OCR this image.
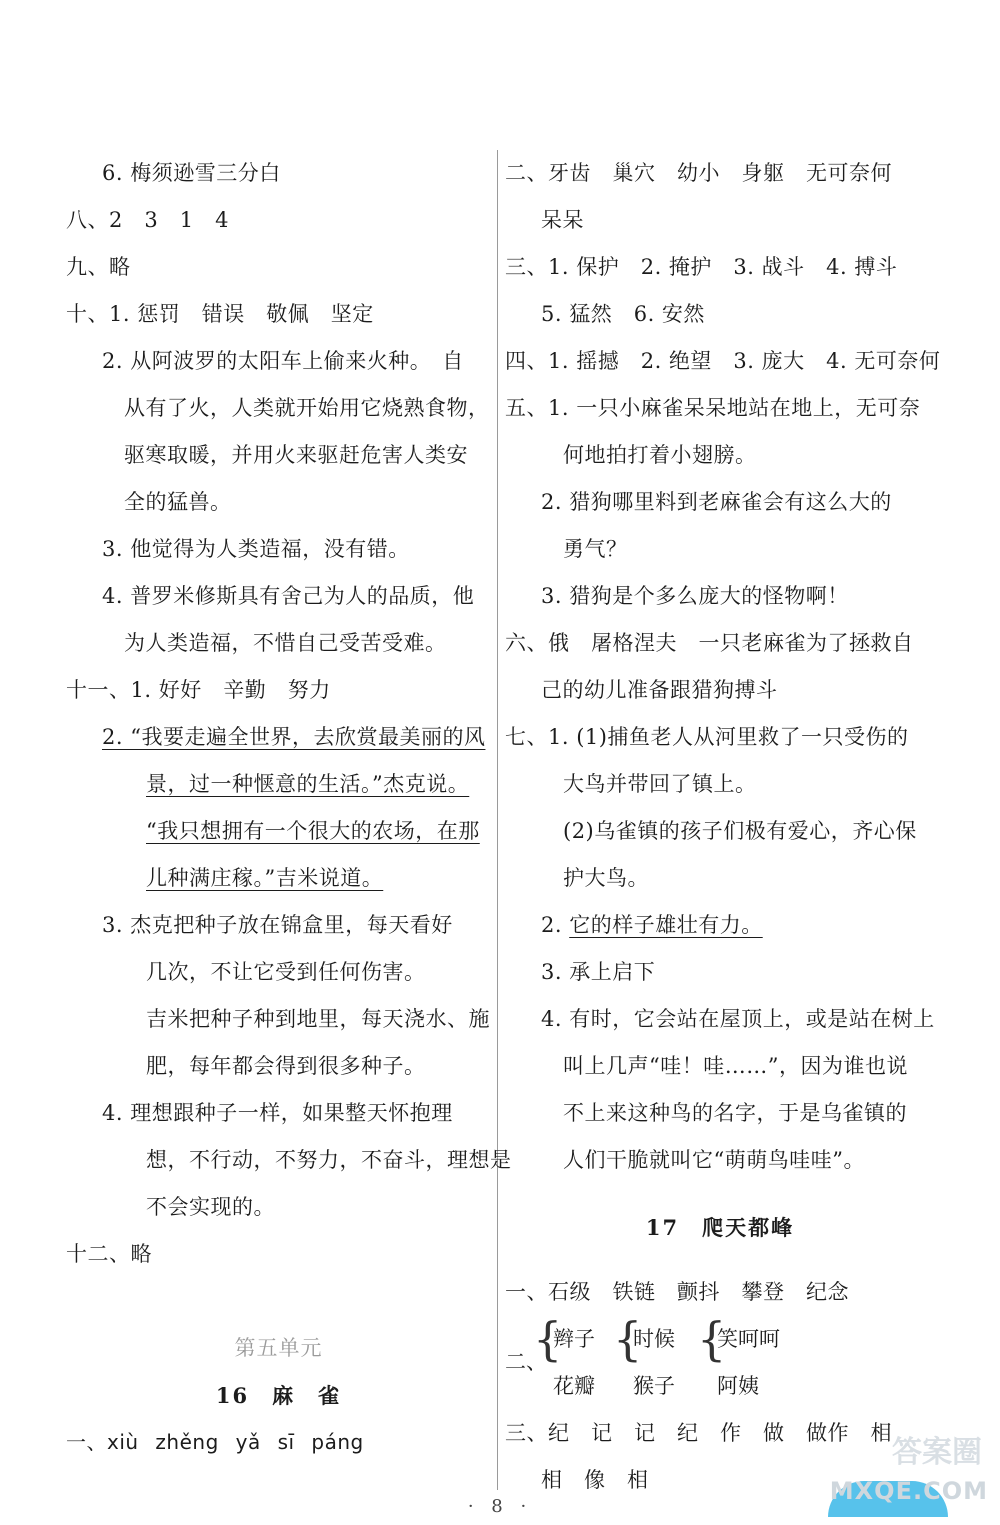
6. 梅须逊雪三分白
八、2　3　1　4
九、略
十、1. 惩罚　错误　敬佩　坚定
2. 从阿波罗的太阳车上偷来火种。　自
从有了火，人类就开始用它烧熟食物，
驱寒取暖，并用火来驱赶危害人类安
全的猛兽。
3. 他觉得为人类造福，没有错。
4. 普罗米修斯具有舍己为人的品质，他
为人类造福，不惜自己受苦受难。
十一、1. 好好　辛勤　努力
2. “我要走遍全世界，去欣赏最美丽的风
景，过一种惬意的生活。”杰克说。
“我只想拥有一个很大的农场，在那
儿种满庄稼。”吉米说道。
3. 杰克把种子放在锦盒里，每天看好
几次，不让它受到任何伤害。
吉米把种子种到地里，每天浇水、施
肥，每年都会得到很多种子。
4. 理想跟种子一样，如果整天怀抱理
想，不行动，不努力，不奋斗，理想是
不会实现的。
十二、略
第五单元
16　麻　雀
一、xiù zhěng yǎ sī páng
二、牙齿　巢穴　幼小　身躯　无可奈何
呆呆
三、1. 保护　2. 掩护　3. 战斗　4. 搏斗
5. 猛然　6. 安然
四、1. 摇撼　2. 绝望　3. 庞大　4. 无可奈何
五、1. 一只小麻雀呆呆地站在地上，无可奈
何地拍打着小翅膀。
2. 猎狗哪里料到老麻雀会有这么大的
勇气？
3. 猎狗是个多么庞大的怪物啊！
六、俄　屠格涅夫　一只老麻雀为了拯救自
己的幼儿准备跟猎狗搏斗
七、1. (1)捕鱼老人从河里救了一只受伤的
大鸟并带回了镇上。
(2)乌雀镇的孩子们极有爱心，齐心保
护大鸟。
2. 它的样子雄壮有力。
3. 承上启下
4. 有时，它会站在屋顶上，或是站在树上
叫上几声“哇！哇……”，因为谁也说
不上来这种鸟的名字，于是乌雀镇的
人们干脆就叫它“萌萌鸟哇哇”。
17　爬天都峰
一、石级　铁链　颤抖　攀登　纪念
二、
{
辫子
花瓣
{
时候
猴子
{
笑呵呵
阿姨
三、纪　记　记　纪　作　做　做作　相
相　像　相
· 8 ·
答案圈
MXQE.COM
